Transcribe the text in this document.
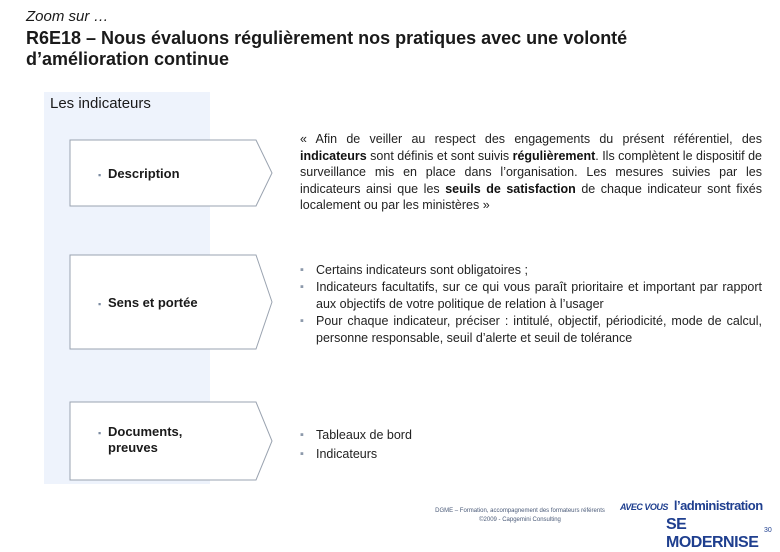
Zoom sur …
R6E18 – Nous évaluons régulièrement nos pratiques avec une volonté
d’amélioration continue
Les indicateurs
▪ Description
▪ Sens et portée
▪ Documents,
preuves
« Afin de veiller au respect des engagements du présent référentiel, des indicateurs sont définis et sont suivis régulièrement. Ils complètent le dispositif de surveillance mis en place dans l’organisation. Les mesures suivies par les indicateurs ainsi que les seuils de satisfaction de chaque indicateur sont fixés localement ou par les ministères »
▪ Certains indicateurs sont obligatoires ;
▪ Indicateurs facultatifs, sur ce qui vous paraît prioritaire et important par rapport aux objectifs de votre politique de relation à l’usager
▪ Pour chaque indicateur, préciser : intitulé, objectif, périodicité, mode de calcul, personne responsable, seuil d’alerte et seuil de tolérance
▪ Tableaux de bord
▪ Indicateurs
DGME – Formation, accompagnement des formateurs référents
©2009 - Capgemini Consulting
AVEC VOUS l’administration
SE MODERNISE
30
